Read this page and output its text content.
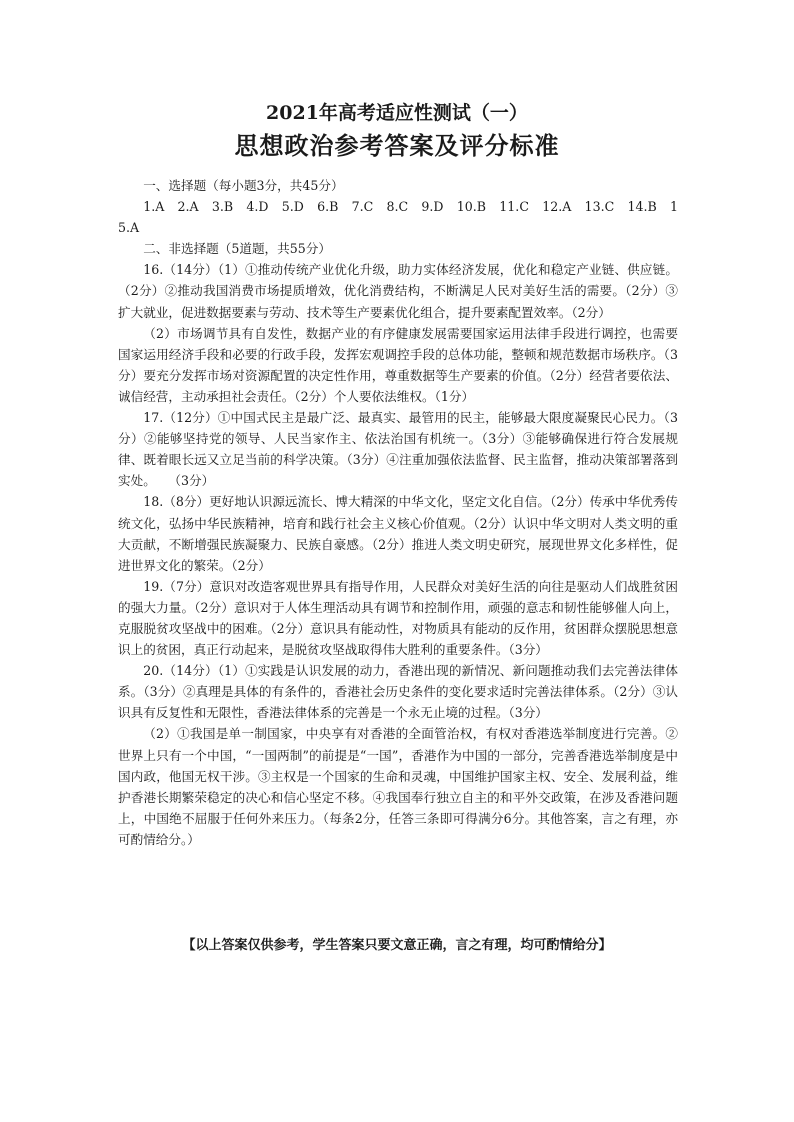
2021年高考适应性测试（一）
思想政治参考答案及评分标准

一、选择题（每小题3分，共45分）

1.A　2.A　3.B　4.D　5.D　6.B　7.C　8.C　9.D　10.B　11.C　12.A　13.C　14.B　15.A

二、非选择题（5道题，共55分）

16.（14分）（1）①推动传统产业优化升级，助力实体经济发展，优化和稳定产业链、供应链。（2分）②推动我国消费市场提质增效，优化消费结构，不断满足人民对美好生活的需要。（2分）③扩大就业，促进数据要素与劳动、技术等生产要素优化组合，提升要素配置效率。（2分）

（2）市场调节具有自发性，数据产业的有序健康发展需要国家运用法律手段进行调控，也需要国家运用经济手段和必要的行政手段，发挥宏观调控手段的总体功能，整顿和规范数据市场秩序。（3分）要充分发挥市场对资源配置的决定性作用，尊重数据等生产要素的价值。（2分）经营者要依法、诚信经营，主动承担社会责任。（2分）个人要依法维权。（1分）

17.（12分）①中国式民主是最广泛、最真实、最管用的民主，能够最大限度凝聚民心民力。（3分）②能够坚持党的领导、人民当家作主、依法治国有机统一。（3分）③能够确保进行符合发展规律、既着眼长远又立足当前的科学决策。（3分）④注重加强依法监督、民主监督，推动决策部署落到实处。　　（3分）

18.（8分）更好地认识源远流长、博大精深的中华文化，坚定文化自信。（2分）传承中华优秀传统文化，弘扬中华民族精神，培育和践行社会主义核心价值观。（2分）认识中华文明对人类文明的重大贡献，不断增强民族凝聚力、民族自豪感。（2分）推进人类文明史研究，展现世界文化多样性，促进世界文化的繁荣。（2分）

19.（7分）意识对改造客观世界具有指导作用，人民群众对美好生活的向往是驱动人们战胜贫困的强大力量。（2分）意识对于人体生理活动具有调节和控制作用，顽强的意志和韧性能够催人向上，克服脱贫攻坚战中的困难。（2分）意识具有能动性，对物质具有能动的反作用，贫困群众摆脱思想意识上的贫困，真正行动起来，是脱贫攻坚战取得伟大胜利的重要条件。（3分）

20.（14分）（1）①实践是认识发展的动力，香港出现的新情况、新问题推动我们去完善法律体系。（3分）②真理是具体的有条件的，香港社会历史条件的变化要求适时完善法律体系。（2分）③认识具有反复性和无限性，香港法律体系的完善是一个永无止境的过程。（3分）

（2）①我国是单一制国家，中央享有对香港的全面管治权，有权对香港选举制度进行完善。②世界上只有一个中国，“一国两制”的前提是“一国”，香港作为中国的一部分，完善香港选举制度是中国内政，他国无权干涉。③主权是一个国家的生命和灵魂，中国维护国家主权、安全、发展利益，维护香港长期繁荣稳定的决心和信心坚定不移。④我国奉行独立自主的和平外交政策，在涉及香港问题上，中国绝不屈服于任何外来压力。（每条2分，任答三条即可得满分6分。其他答案，言之有理，亦可酌情给分。）

【以上答案仅供参考，学生答案只要文意正确，言之有理，均可酌情给分】
